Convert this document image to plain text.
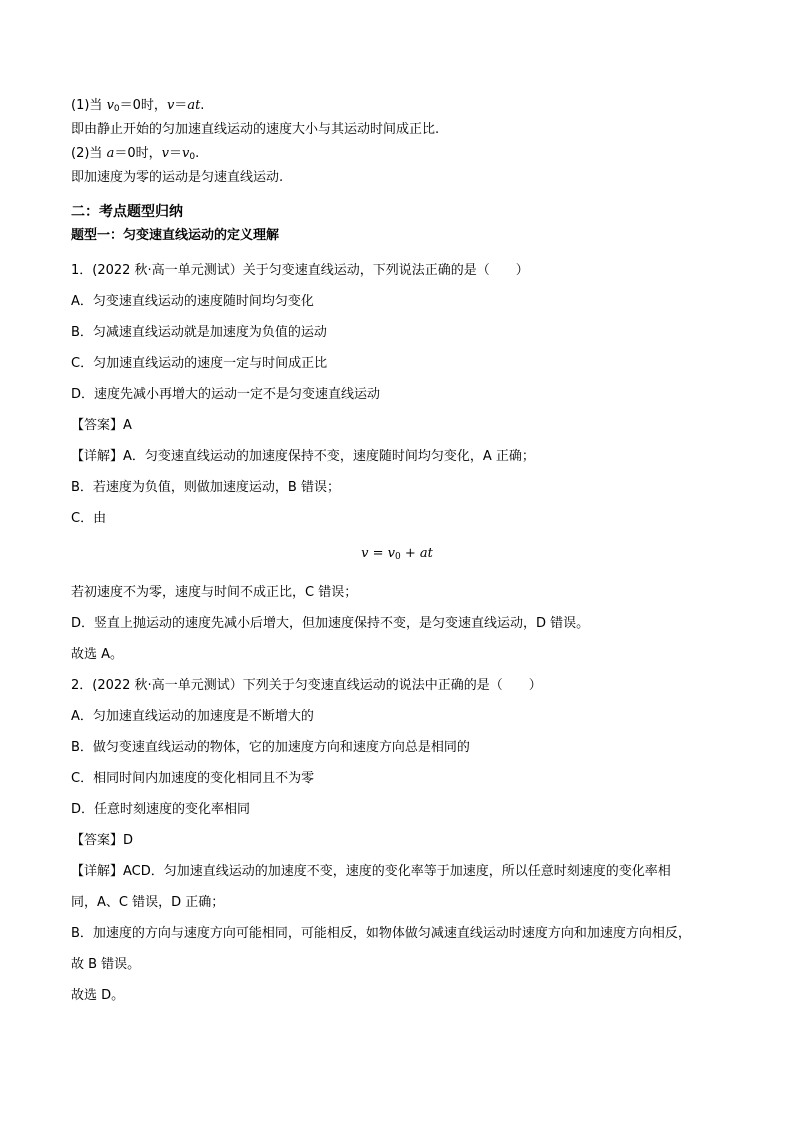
(1)当 $v_0=0$时，v＝at.
即由静止开始的匀加速直线运动的速度大小与其运动时间成正比.
(2)当 a＝0时，$v=v_0$.
即加速度为零的运动是匀速直线运动.
二：考点题型归纳
题型一：匀变速直线运动的定义理解
1．(2022 秋·高一单元测试）关于匀变速直线运动，下列说法正确的是（　　）
A．匀变速直线运动的速度随时间均匀变化
B．匀减速直线运动就是加速度为负值的运动
C．匀加速直线运动的速度一定与时间成正比
D．速度先减小再增大的运动一定不是匀变速直线运动
【答案】A
【详解】A．匀变速直线运动的加速度保持不变，速度随时间均匀变化，A 正确；
B．若速度为负值，则做加速度运动，B 错误；
C．由
$v = v_0$ + at
若初速度不为零，速度与时间不成正比，C 错误；
D．竖直上抛运动的速度先减小后增大，但加速度保持不变，是匀变速直线运动，D 错误。
故选 A。
2．(2022 秋·高一单元测试）下列关于匀变速直线运动的说法中正确的是（　　）
A．匀加速直线运动的加速度是不断增大的
B．做匀变速直线运动的物体，它的加速度方向和速度方向总是相同的
C．相同时间内加速度的变化相同且不为零
D．任意时刻速度的变化率相同
【答案】D
【详解】ACD．匀加速直线运动的加速度不变，速度的变化率等于加速度，所以任意时刻速度的变化率相
同，A、C 错误，D 正确；
B．加速度的方向与速度方向可能相同，可能相反，如物体做匀减速直线运动时速度方向和加速度方向相反，
故 B 错误。
故选 D。
